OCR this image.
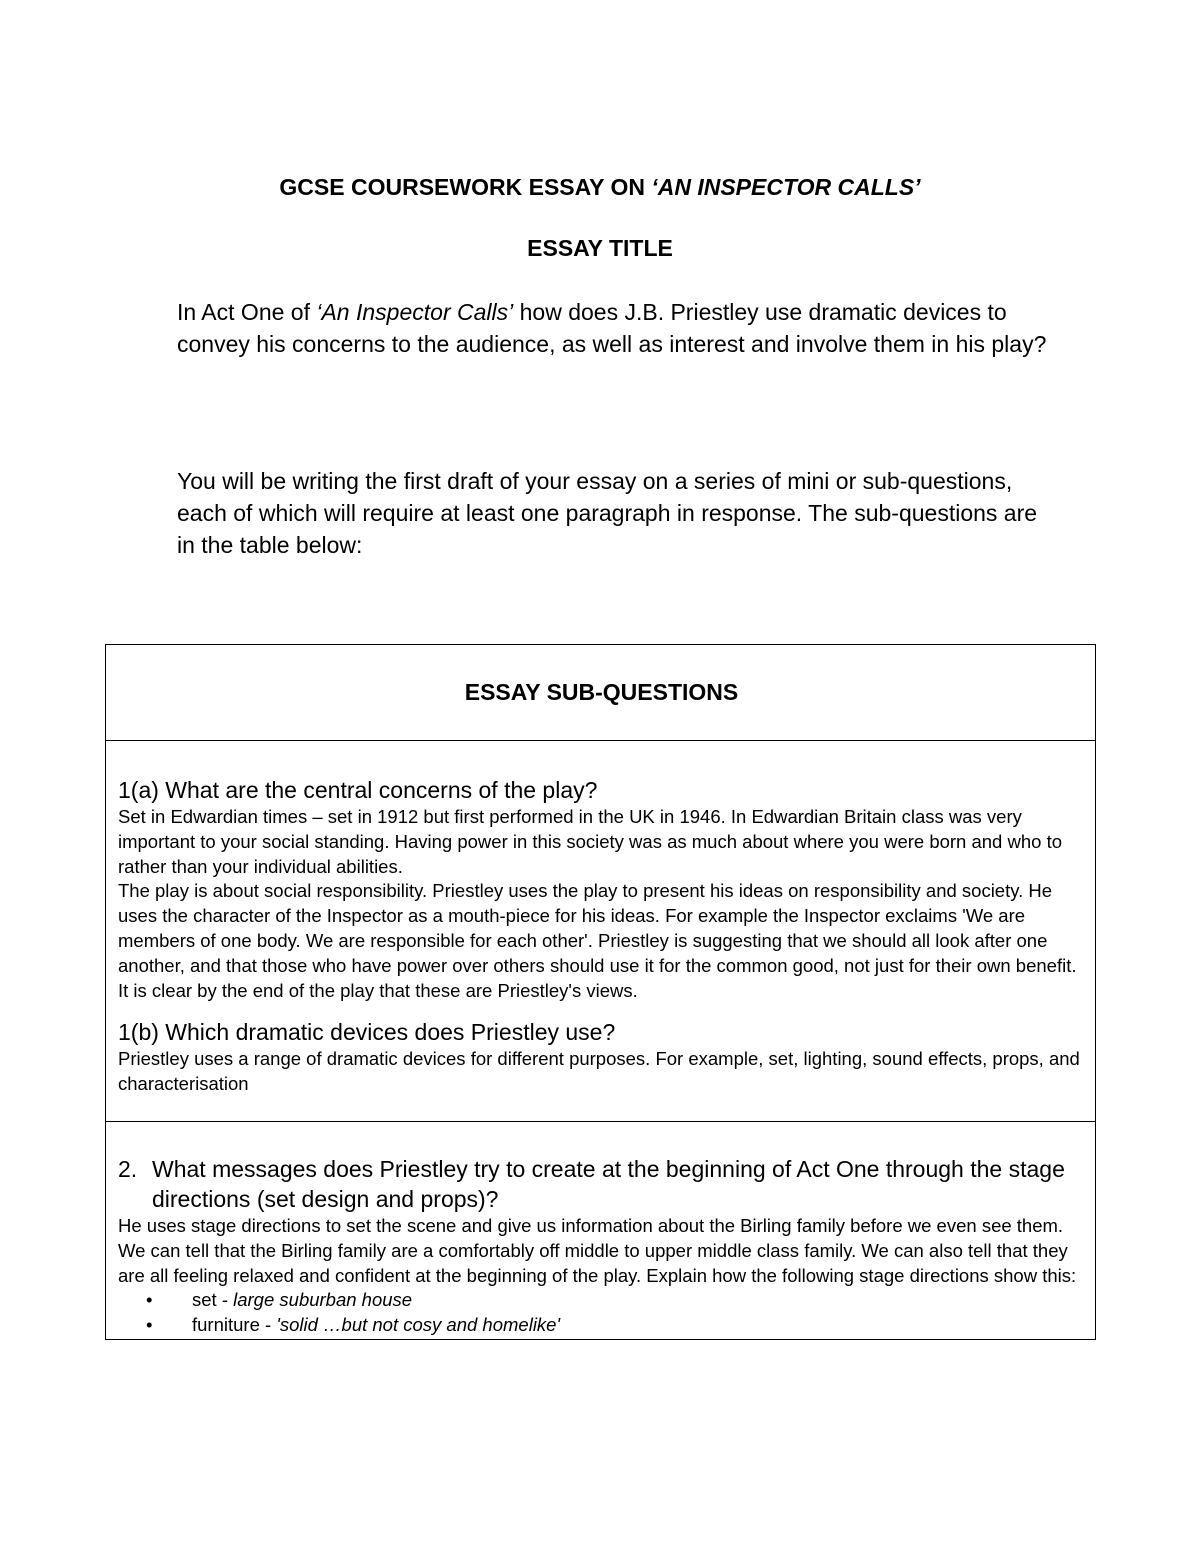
GCSE COURSEWORK ESSAY ON ‘AN INSPECTOR CALLS’
ESSAY TITLE
In Act One of ‘An Inspector Calls’ how does J.B. Priestley use dramatic devices to convey his concerns to the audience, as well as interest and involve them in his play?
You will be writing the first draft of your essay on a series of mini or sub-questions, each of which will require at least one paragraph in response. The sub-questions are in the table below:
ESSAY SUB-QUESTIONS

1(a) What are the central concerns of the play?

Set in Edwardian times – set in 1912 but first performed in the UK in 1946. In Edwardian Britain class was very important to your social standing. Having power in this society was as much about where you were born and who to rather than your individual abilities.

The play is about social responsibility. Priestley uses the play to present his ideas on responsibility and society. He uses the character of the Inspector as a mouth-piece for his ideas. For example the Inspector exclaims 'We are members of one body. We are responsible for each other'. Priestley is suggesting that we should all look after one another, and that those who have power over others should use it for the common good, not just for their own benefit. It is clear by the end of the play that these are Priestley's views.

1(b) Which dramatic devices does Priestley use?

Priestley uses a range of dramatic devices for different purposes. For example, set, lighting, sound effects, props, and characterisation

2. What messages does Priestley try to create at the beginning of Act One through the stage directions (set design and props)?

He uses stage directions to set the scene and give us information about the Birling family before we even see them. We can tell that the Birling family are a comfortably off middle to upper middle class family. We can also tell that they are all feeling relaxed and confident at the beginning of the play. Explain how the following stage directions show this:

•	set - large suburban house
•	furniture - 'solid …but not cosy and homelike'
